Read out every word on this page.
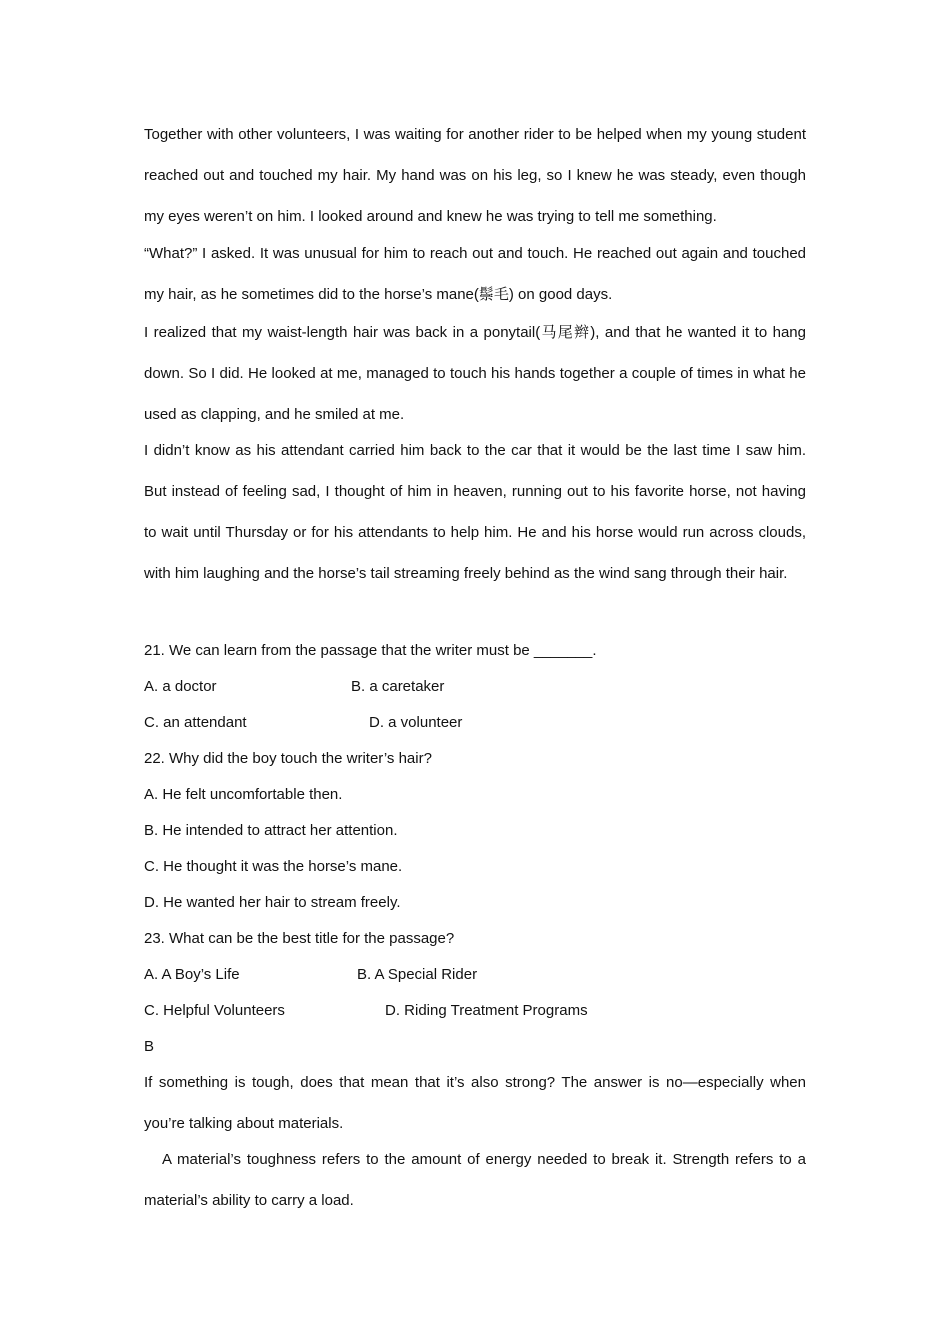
Together with other volunteers, I was waiting for another rider to be helped when my young student reached out and touched my hair. My hand was on his leg, so I knew he was steady, even though my eyes weren’t on him. I looked around and knew he was trying to tell me something.

“What?” I asked. It was unusual for him to reach out and touch. He reached out again and touched my hair, as he sometimes did to the horse’s mane(鬃毛) on good days.

I realized that my waist-length hair was back in a ponytail(马尾辫), and that he wanted it to hang down. So I did. He looked at me, managed to touch his hands together a couple of times in what he used as clapping, and he smiled at me.

I didn’t know as his attendant carried him back to the car that it would be the last time I saw him. But instead of feeling sad, I thought of him in heaven, running out to his favorite horse, not having to wait until Thursday or for his attendants to help him. He and his horse would run across clouds, with him laughing and the horse’s tail streaming freely behind as the wind sang through their hair.

21. We can learn from the passage that the writer must be _______.

A. a doctor	B. a caretaker

C. an attendant	D. a volunteer

22. Why did the boy touch the writer’s hair?

A. He felt uncomfortable then.

B. He intended to attract her attention.

C. He thought it was the horse’s mane.

D. He wanted her hair to stream freely.

23. What can be the best title for the passage?

A. A Boy’s Life	B. A Special Rider

C. Helpful Volunteers	D. Riding Treatment Programs

B

If something is tough, does that mean that it’s also strong? The answer is no—especially when you’re talking about materials.

A material’s toughness refers to the amount of energy needed to break it. Strength refers to a material’s ability to carry a load.
